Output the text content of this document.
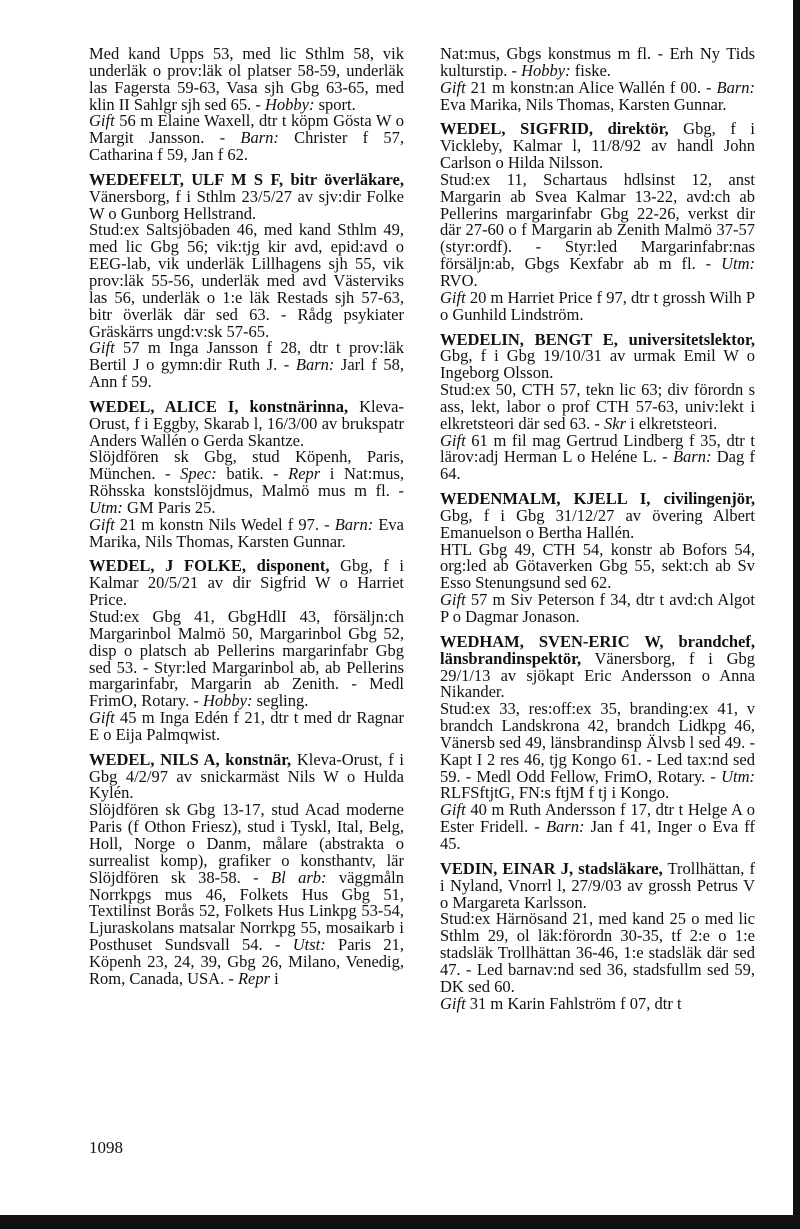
Med kand Upps 53, med lic Sthlm 58, vik underläk o prov:läk ol platser 58-59, underläk las Fagersta 59-63, Vasa sjh Gbg 63-65, med klin II Sahlgr sjh sed 65. - Hobby: sport.

Gift 56 m Elaine Waxell, dtr t köpm Gösta W o Margit Jansson. - Barn: Christer f 57, Catharina f 59, Jan f 62.

WEDEFELT, ULF M S F, bitr överläkare, Vänersborg, f i Sthlm 23/5/27 av sjv:dir Folke W o Gunborg Hellstrand.

Stud:ex Saltsjöbaden 46, med kand Sthlm 49, med lic Gbg 56; vik:tjg kir avd, epid:avd o EEG-lab, vik underläk Lillhagens sjh 55, vik prov:läk 55-56, underläk med avd Västerviks las 56, underläk o 1:e läk Restads sjh 57-63, bitr överläk där sed 63. - Rådg psykiater Gräskärrs ungd:v:sk 57-65.

Gift 57 m Inga Jansson f 28, dtr t prov:läk Bertil J o gymn:dir Ruth J. - Barn: Jarl f 58, Ann f 59.

WEDEL, ALICE I, konstnärinna, Kleva-Orust, f i Eggby, Skarab l, 16/3/00 av brukspatr Anders Wallén o Gerda Skantze.

Slöjdfören sk Gbg, stud Köpenh, Paris, München. - Spec: batik. - Repr i Nat:mus, Röhsska konstslöjdmus, Malmö mus m fl. - Utm: GM Paris 25.

Gift 21 m konstn Nils Wedel f 97. - Barn: Eva Marika, Nils Thomas, Karsten Gunnar.

WEDEL, J FOLKE, disponent, Gbg, f i Kalmar 20/5/21 av dir Sigfrid W o Harriet Price.

Stud:ex Gbg 41, GbgHdlI 43, försäljn:ch Margarinbol Malmö 50, Margarinbol Gbg 52, disp o platsch ab Pellerins margarinfabr Gbg sed 53. - Styr:led Margarinbol ab, ab Pellerins margarinfabr, Margarin ab Zenith. - Medl FrimO, Rotary. - Hobby: segling.

Gift 45 m Inga Edén f 21, dtr t med dr Ragnar E o Eija Palmqwist.

WEDEL, NILS A, konstnär, Kleva-Orust, f i Gbg 4/2/97 av snickarmäst Nils W o Hulda Kylén.

Slöjdfören sk Gbg 13-17, stud Acad moderne Paris (f Othon Friesz), stud i Tyskl, Ital, Belg, Holl, Norge o Danm, målare (abstrakta o surrealist komp), grafiker o konsthantv, lär Slöjdfören sk 38-58. - Bl arb: väggmåln Norrkpgs mus 46, Folkets Hus Gbg 51, Textilinst Borås 52, Folkets Hus Linkpg 53-54, Ljuraskolans matsalar Norrkpg 55, mosaikarb i Posthuset Sundsvall 54. - Utst: Paris 21, Köpenh 23, 24, 39, Gbg 26, Milano, Venedig, Rom, Canada, USA. - Repr i

Nat:mus, Gbgs konstmus m fl. - Erh Ny Tids kulturstip. - Hobby: fiske.

Gift 21 m konstn:an Alice Wallén f 00. - Barn: Eva Marika, Nils Thomas, Karsten Gunnar.

WEDEL, SIGFRID, direktör, Gbg, f i Vickleby, Kalmar l, 11/8/92 av handl John Carlson o Hilda Nilsson.

Stud:ex 11, Schartaus hdlsinst 12, anst Margarin ab Svea Kalmar 13-22, avd:ch ab Pellerins margarinfabr Gbg 22-26, verkst dir där 27-60 o f Margarin ab Zenith Malmö 37-57 (styr:ordf). - Styr:led Margarinfabr:nas försäljn:ab, Gbgs Kexfabr ab m fl. - Utm: RVO.

Gift 20 m Harriet Price f 97, dtr t grossh Wilh P o Gunhild Lindström.

WEDELIN, BENGT E, universitetslektor, Gbg, f i Gbg 19/10/31 av urmak Emil W o Ingeborg Olsson.

Stud:ex 50, CTH 57, tekn lic 63; div förordn s ass, lekt, labor o prof CTH 57-63, univ:lekt i elkretsteori där sed 63. - Skr i elkretsteori.

Gift 61 m fil mag Gertrud Lindberg f 35, dtr t lärov:adj Herman L o Heléne L. - Barn: Dag f 64.

WEDENMALM, KJELL I, civilingenjör, Gbg, f i Gbg 31/12/27 av övering Albert Emanuelson o Bertha Hallén.

HTL Gbg 49, CTH 54, konstr ab Bofors 54, org:led ab Götaverken Gbg 55, sekt:ch ab Sv Esso Stenungsund sed 62.

Gift 57 m Siv Peterson f 34, dtr t avd:ch Algot P o Dagmar Jonason.

WEDHAM, SVEN-ERIC W, brandchef, länsbrandinspektör, Vänersborg, f i Gbg 29/1/13 av sjökapt Eric Andersson o Anna Nikander.

Stud:ex 33, res:off:ex 35, branding:ex 41, v brandch Landskrona 42, brandch Lidkpg 46, Vänersb sed 49, länsbrandinsp Älvsb l sed 49. - Kapt I 2 res 46, tjg Kongo 61. - Led tax:nd sed 59. - Medl Odd Fellow, FrimO, Rotary. - Utm: RLFSftjtG, FN:s ftjM f tj i Kongo.

Gift 40 m Ruth Andersson f 17, dtr t Helge A o Ester Fridell. - Barn: Jan f 41, Inger o Eva ff 45.

VEDIN, EINAR J, stadsläkare, Trollhättan, f i Nyland, Vnorrl l, 27/9/03 av grossh Petrus V o Margareta Karlsson.

Stud:ex Härnösand 21, med kand 25 o med lic Sthlm 29, ol läk:förordn 30-35, tf 2:e o 1:e stadsläk Trollhättan 36-46, 1:e stadsläk där sed 47. - Led barnav:nd sed 36, stadsfullm sed 59, DK sed 60.

Gift 31 m Karin Fahlström f 07, dtr t

1098
